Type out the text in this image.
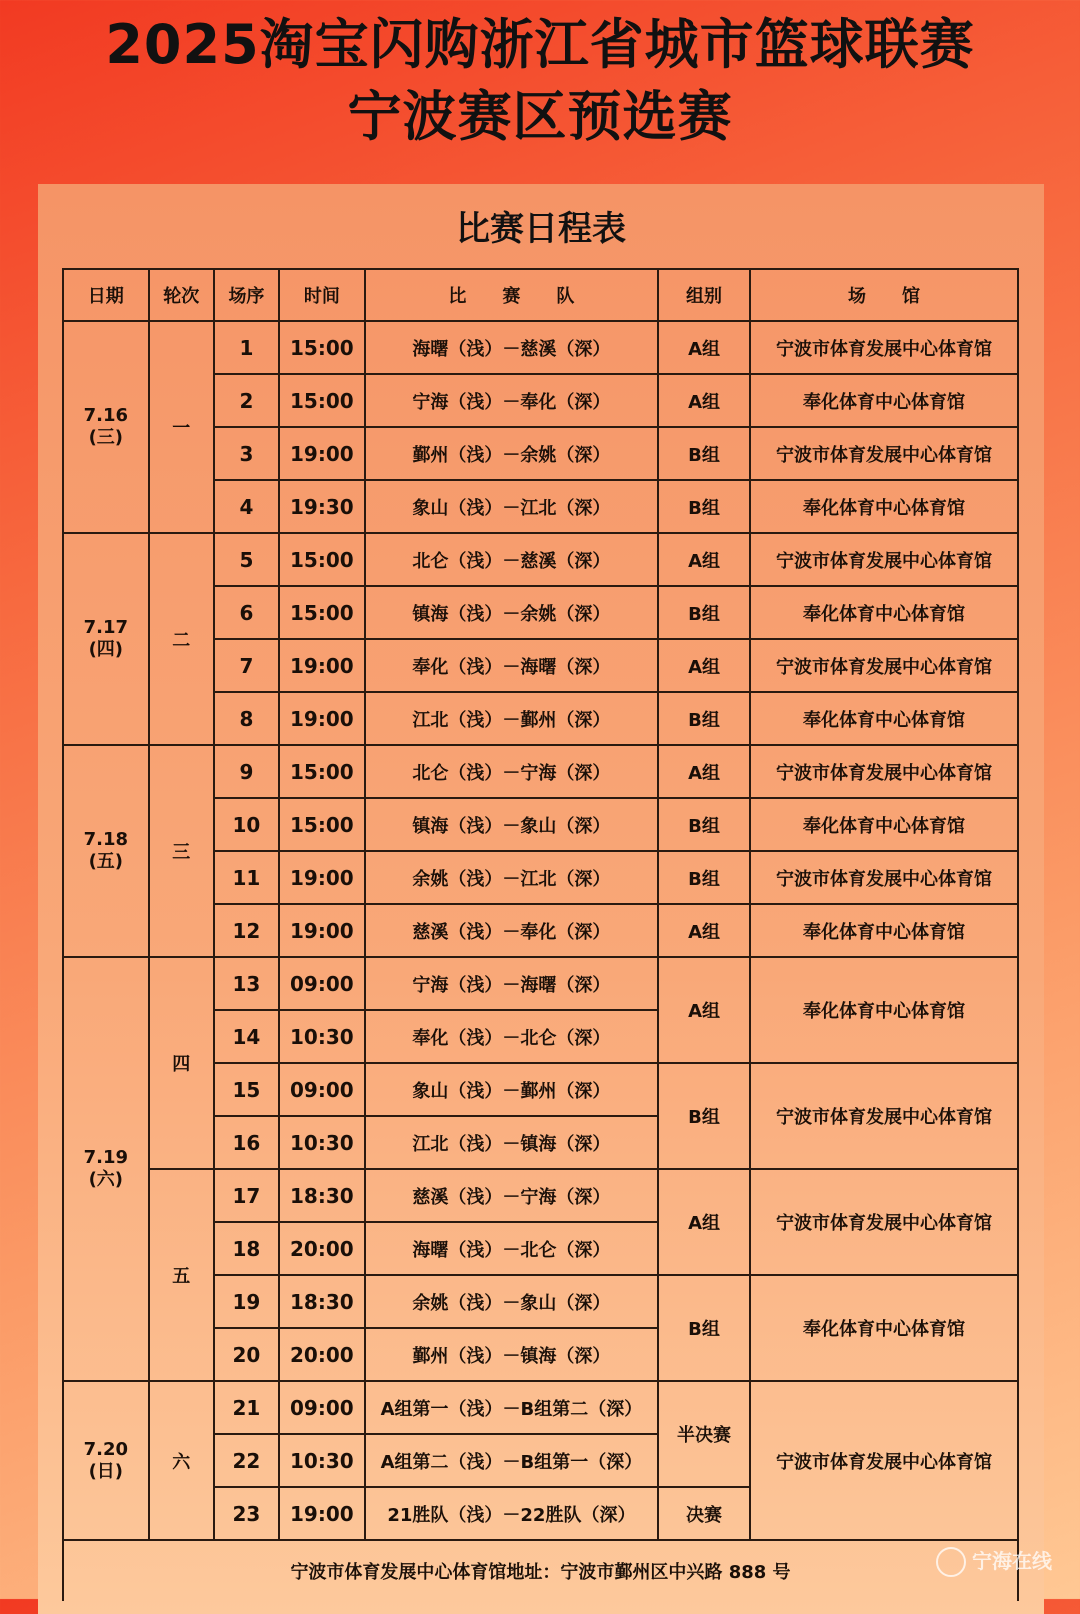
2025淘宝闪购浙江省城市篮球联赛
宁波赛区预选赛
比赛日程表
日期	轮次	场序	时间	比　　赛　　队	组别	场　　馆

7.16
(三)	一	1	15:00	海曙（浅）－慈溪（深）	A组	宁波市体育发展中心体育馆
		2	15:00	宁海（浅）－奉化（深）	A组	奉化体育中心体育馆
		3	19:00	鄞州（浅）－余姚（深）	B组	宁波市体育发展中心体育馆
		4	19:30	象山（浅）－江北（深）	B组	奉化体育中心体育馆

7.17
(四)	二	5	15:00	北仑（浅）－慈溪（深）	A组	宁波市体育发展中心体育馆
		6	15:00	镇海（浅）－余姚（深）	B组	奉化体育中心体育馆
		7	19:00	奉化（浅）－海曙（深）	A组	宁波市体育发展中心体育馆
		8	19:00	江北（浅）－鄞州（深）	B组	奉化体育中心体育馆

7.18
(五)	三	9	15:00	北仑（浅）－宁海（深）	A组	宁波市体育发展中心体育馆
		10	15:00	镇海（浅）－象山（深）	B组	奉化体育中心体育馆
		11	19:00	余姚（浅）－江北（深）	B组	宁波市体育发展中心体育馆
		12	19:00	慈溪（浅）－奉化（深）	A组	奉化体育中心体育馆

7.19
(六)	四	13	09:00	宁海（浅）－海曙（深）	A组	奉化体育中心体育馆
		14	10:30	奉化（浅）－北仑（深）		
		15	09:00	象山（浅）－鄞州（深）	B组	宁波市体育发展中心体育馆
		16	10:30	江北（浅）－镇海（深）		
	五	17	18:30	慈溪（浅）－宁海（深）	A组	宁波市体育发展中心体育馆
		18	20:00	海曙（浅）－北仑（深）		
		19	18:30	余姚（浅）－象山（深）	B组	奉化体育中心体育馆
		20	20:00	鄞州（浅）－镇海（深）		

7.20
(日)	六	21	09:00	A组第一（浅）－B组第二（深）	半决赛	宁波市体育发展中心体育馆
		22	10:30	A组第二（浅）－B组第一（深）		
		23	19:00	21胜队（浅）－22胜队（深）	决赛	
宁波市体育发展中心体育馆地址：宁波市鄞州区中兴路 888 号							宁海在线
